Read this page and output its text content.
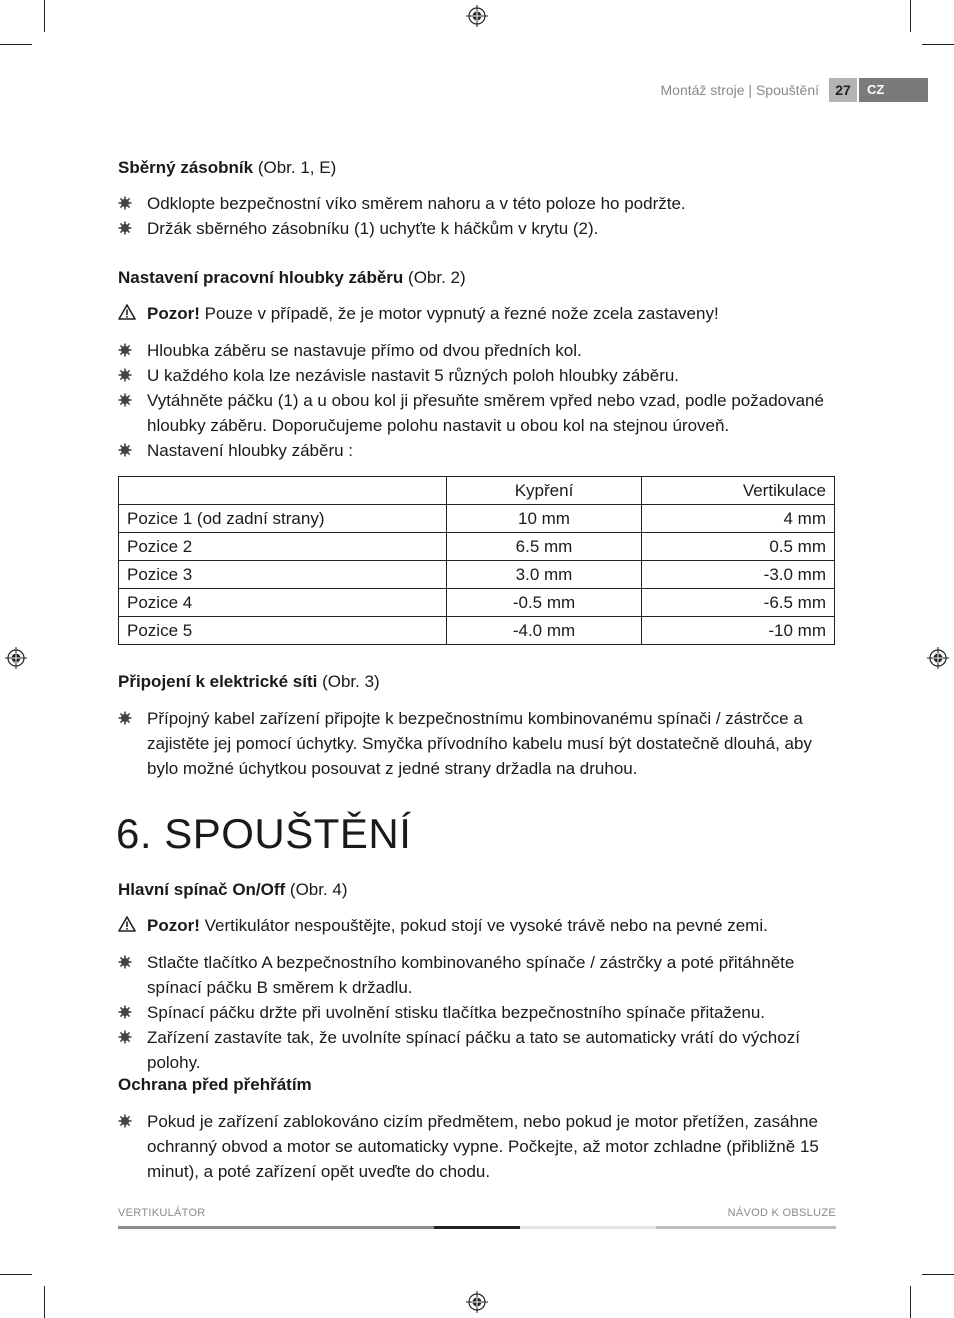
Montáž stroje | Spouštění	27	CZ
Sběrný zásobník (Obr. 1, E)
Odklopte bezpečnostní víko směrem nahoru a v této poloze ho podržte.
Držák sběrného zásobníku (1) uchyťte k háčkům v krytu (2).
Nastavení pracovní hloubky záběru (Obr. 2)
Pozor! Pouze v případě, že je motor vypnutý a řezné nože zcela zastaveny!
Hloubka záběru se nastavuje přímo od dvou předních kol.
U každého kola lze nezávisle nastavit 5 různých poloh hloubky záběru.
Vytáhněte páčku (1) a u obou kol ji přesuňte směrem vpřed nebo vzad, podle požadované hloubky záběru. Doporučujeme polohu nastavit u obou kol na stejnou úroveň.
Nastavení hloubky záběru :
	Kypření	Vertikulace
Pozice 1 (od zadní strany)	10 mm	4 mm
Pozice 2	6.5 mm	0.5 mm
Pozice 3	3.0 mm	-3.0 mm
Pozice 4	-0.5 mm	-6.5 mm
Pozice 5	-4.0 mm	-10 mm
Připojení k elektrické síti (Obr. 3)
Přípojný kabel zařízení připojte k bezpečnostnímu kombinovanému spínači / zástrčce a zajistěte jej pomocí úchytky. Smyčka přívodního kabelu musí být dostatečně dlouhá, aby bylo možné úchytkou posouvat z jedné strany držadla na druhou.
6. SPOUŠTĚNÍ
Hlavní spínač On/Off (Obr. 4)
Pozor! Vertikulátor nespouštějte, pokud stojí ve vysoké trávě nebo na pevné zemi.
Stlačte tlačítko A bezpečnostního kombinovaného spínače / zástrčky a poté přitáhněte spínací páčku B směrem k držadlu.
Spínací páčku držte při uvolnění stisku tlačítka bezpečnostního spínače přitaženu.
Zařízení zastavíte tak, že uvolníte spínací páčku a tato se automaticky vrátí do výchozí polohy.
Ochrana před přehřátím
Pokud je zařízení zablokováno cizím předmětem, nebo pokud je motor přetížen, zasáhne ochranný obvod a motor se automaticky vypne. Počkejte, až motor zchladne (přibližně 15 minut), a poté zařízení opět uveďte do chodu.
VERTIKULÁTOR	NÁVOD K OBSLUZE
